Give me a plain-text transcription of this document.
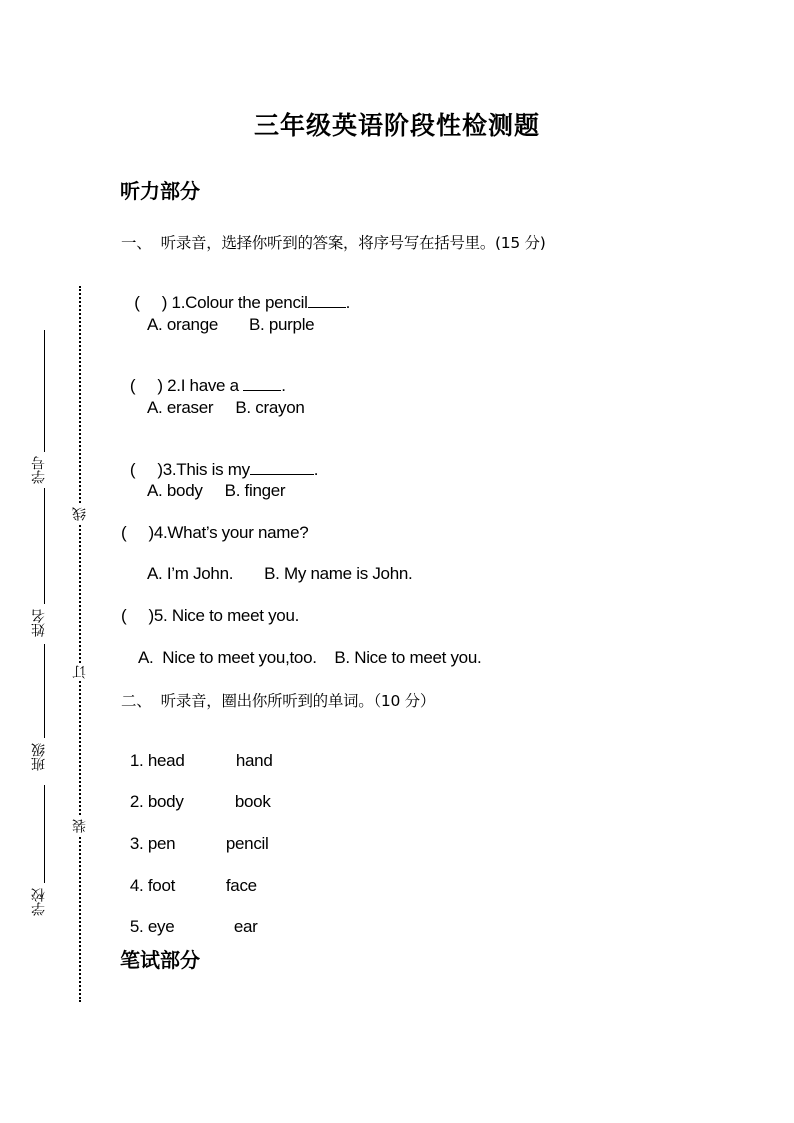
三年级英语阶段性检测题
听力部分
一、  听录音，选择你听到的答案，将序号写在括号里。(15 分)

(     ) 1.Colour the pencil .

A. orange       B. purple

(     ) 2.I have a .

A. eraser     B. crayon

(     )3.This is my	.

A. body     B. finger
(     )4.What’s your name?
A. I’m John.       B. My name is John.
(     )5. Nice to meet you.
A.  Nice to meet you,too.    B. Nice to meet you.
二、  听录音，圈出你所听到的单词。（10 分）

1. head	hand

2. body	book

3. pen	pencil

4. foot	face

5. eye	ear

笔试部分
线
订
装
学号
姓名
班级
学校
